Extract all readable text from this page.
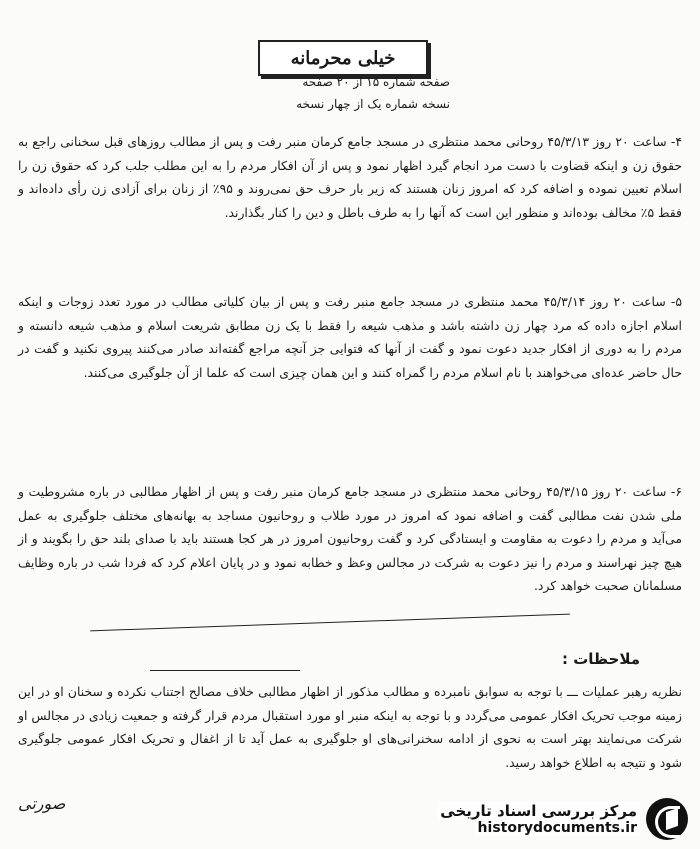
خیلی محرمانه
صفحه شماره ۱۵ از ۲۰ صفحه
نسخه شماره یک از چهار نسخه
۴- ساعت ۲۰ روز ۴۵/۳/۱۳ روحانی محمد منتظری در مسجد جامع کرمان منبر رفت و پس از مطالب روزهای قبل سخنانی راجع به حقوق زن و اینکه قضاوت با دست مرد انجام گیرد اظهار نمود و پس از آن افکار مردم را به این مطلب جلب کرد که حقوق زن را اسلام تعیین نموده و اضافه کرد که امروز زنان هستند که زیر بار حرف حق نمی‌روند و ۹۵٪ از زنان برای آزادی زن رأی داده‌اند و فقط ۵٪ مخالف بوده‌اند و منظور این است که آنها را به طرف باطل و دین را کنار بگذارند.
۵- ساعت ۲۰ روز ۴۵/۳/۱۴ محمد منتظری در مسجد جامع منبر رفت و پس از بیان کلیاتی مطالب در مورد تعدد زوجات و اینکه اسلام اجازه داده که مرد چهار زن داشته باشد و مذهب شیعه را فقط با یک زن مطابق شریعت اسلام و مذهب شیعه دانسته و مردم را به دوری از افکار جدید دعوت نمود و گفت از آنها که فتوایی جز آنچه مراجع گفته‌اند صادر می‌کنند پیروی نکنید و گفت در حال حاضر عده‌ای می‌خواهند با نام اسلام مردم را گمراه کنند و این همان چیزی است که علما از آن جلوگیری می‌کنند.
۶- ساعت ۲۰ روز ۴۵/۳/۱۵ روحانی محمد منتظری در مسجد جامع کرمان منبر رفت و پس از اظهار مطالبی در باره مشروطیت و ملی شدن نفت مطالبی گفت و اضافه نمود که امروز در مورد طلاب و روحانیون مساجد به بهانه‌های مختلف جلوگیری به عمل می‌آید و مردم را دعوت به مقاومت و ایستادگی کرد و گفت روحانیون امروز در هر کجا هستند باید با صدای بلند حق را بگویند و از هیچ چیز نهراسند و مردم را نیز دعوت به شرکت در مجالس وعظ و خطابه نمود و در پایان اعلام کرد که فردا شب در باره وظایف مسلمانان صحبت خواهد کرد.
ملاحظات :
نظریه رهبر عملیات ـــ با توجه به سوابق نامبرده و مطالب مذکور از اظهار مطالبی خلاف مصالح اجتناب نکرده و سخنان او در این زمینه موجب تحریک افکار عمومی می‌گردد و با توجه به اینکه منبر او مورد استقبال مردم قرار گرفته و جمعیت زیادی در مجالس او شرکت می‌نمایند بهتر است به نحوی از ادامه سخنرانی‌های او جلوگیری به عمل آید تا از اغفال و تحریک افکار عمومی جلوگیری شود و نتیجه به اطلاع خواهد رسید.
صورتی	مرکز بررسی اسناد تاریخی
historydocuments.ir
